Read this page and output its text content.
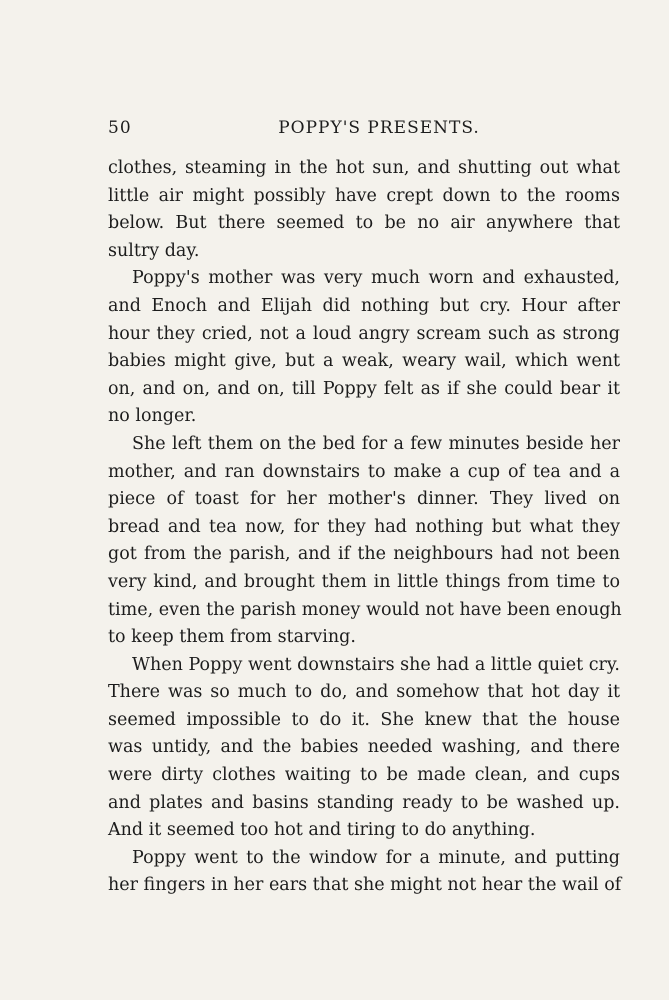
50	POPPY'S PRESENTS.
clothes, steaming in the hot sun, and shutting out what
little air might possibly have crept down to the rooms
below. But there seemed to be no air anywhere that
sultry day.
Poppy's mother was very much worn and exhausted,
and Enoch and Elijah did nothing but cry. Hour after
hour they cried, not a loud angry scream such as strong
babies might give, but a weak, weary wail, which went
on, and on, and on, till Poppy felt as if she could bear it
no longer.
She left them on the bed for a few minutes beside her
mother, and ran downstairs to make a cup of tea and a
piece of toast for her mother's dinner. They lived on
bread and tea now, for they had nothing but what they
got from the parish, and if the neighbours had not been
very kind, and brought them in little things from time to
time, even the parish money would not have been enough
to keep them from starving.
When Poppy went downstairs she had a little quiet cry.
There was so much to do, and somehow that hot day it
seemed impossible to do it. She knew that the house
was untidy, and the babies needed washing, and there
were dirty clothes waiting to be made clean, and cups
and plates and basins standing ready to be washed up.
And it seemed too hot and tiring to do anything.
Poppy went to the window for a minute, and putting
her fingers in her ears that she might not hear the wail of
